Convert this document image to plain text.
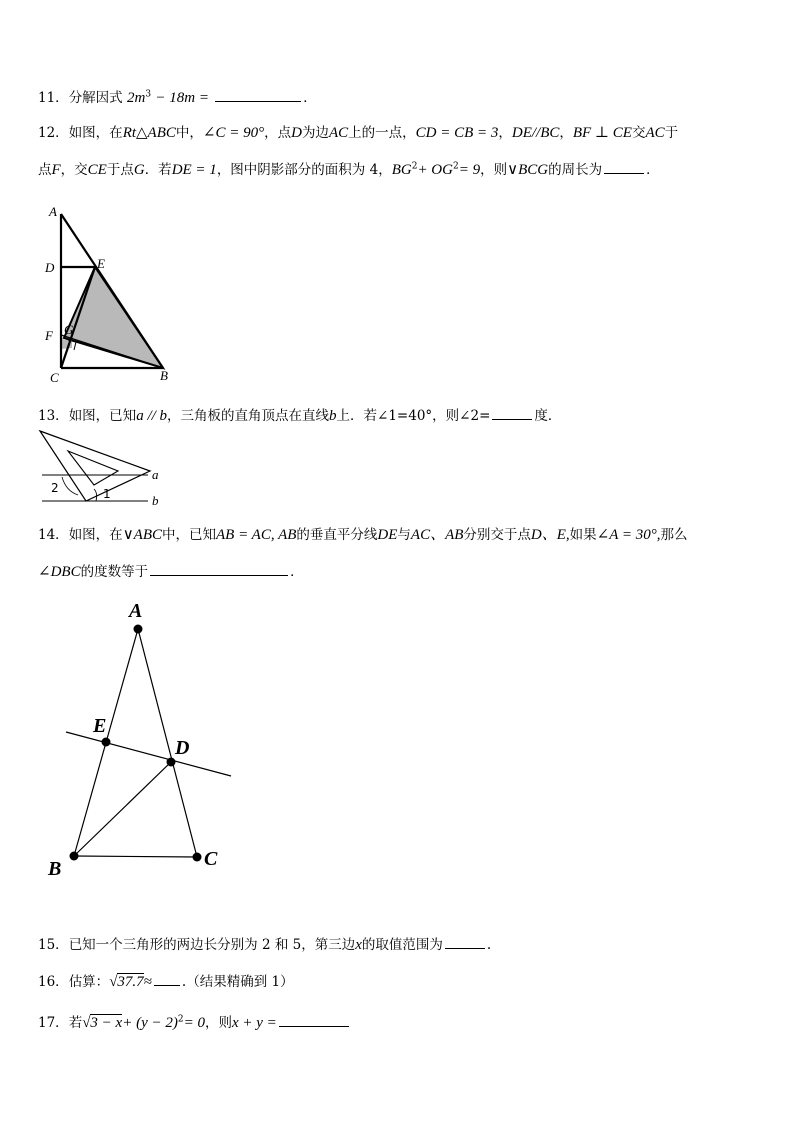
11．分解因式 $2m^3 - 18m$ =	．
12．如图，在Rt△ABC中，∠C = 90°，点D为边AC上的一点，CD = CB = 3，DE//BC，BF ⊥ CE交AC于
点F，交CE于点G．若DE = 1，图中阴影部分的面积为 4，$BG^2+ OG^2= 9$，则∨BCG的周长为	．
A
D	E
F G
C	B
13．如图，已知a // b，三角板的直角顶点在直线b上．若∠1=40°，则∠2=	度．
2	1
a
b
14．如图，在∨ABC中，已知AB = AC, AB的垂直平分线DE与AC、AB分别交于点D、E,如果∠A = 30°,那么
∠DBC的度数等于	．
A
E
D
B	C
15．已知一个三角形的两边长分别为 2 和 5，第三边x的取值范围为	.
16．估算：√37.7≈ .（结果精确到 1）
17．若$√3 - x+ (y - 2)^2= 0$，则x + y =
